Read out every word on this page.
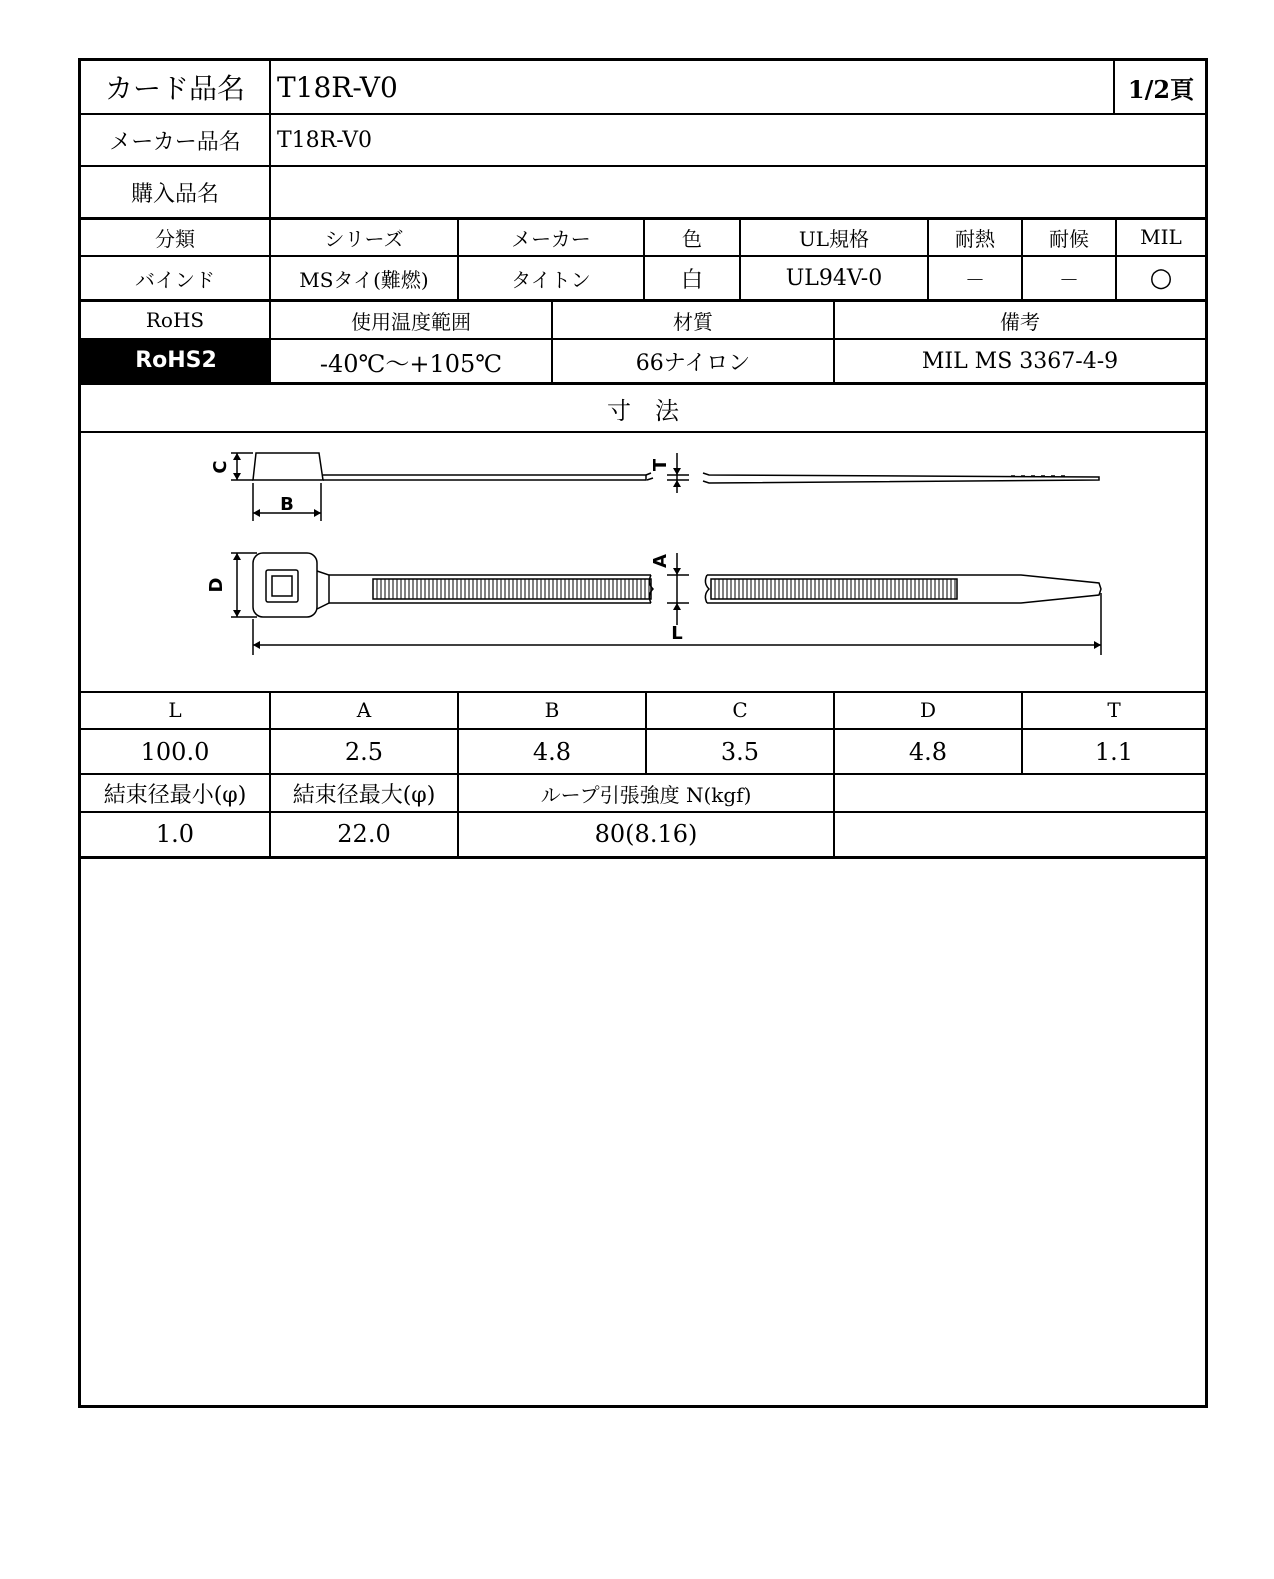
カード品名	T18R-V0	1/2頁
メーカー品名	T18R-V0
購入品名
分類	シリーズ	メーカー	色	UL規格	耐熱	耐候	MIL
バインド	MSタイ(難燃)	タイトン	白	UL94V-0	－	－	○
RoHS	使用温度範囲	材質	備考
RoHS2	-40℃～+105℃	66ナイロン	MIL MS 3367-4-9
寸　法
C
B
T
A
D
L
L	A	B	C	D	T
100.0	2.5	4.8	3.5	4.8	1.1
結束径最小(φ)	結束径最大(φ)	ループ引張強度 N(kgf)
1.0	22.0	80(8.16)
